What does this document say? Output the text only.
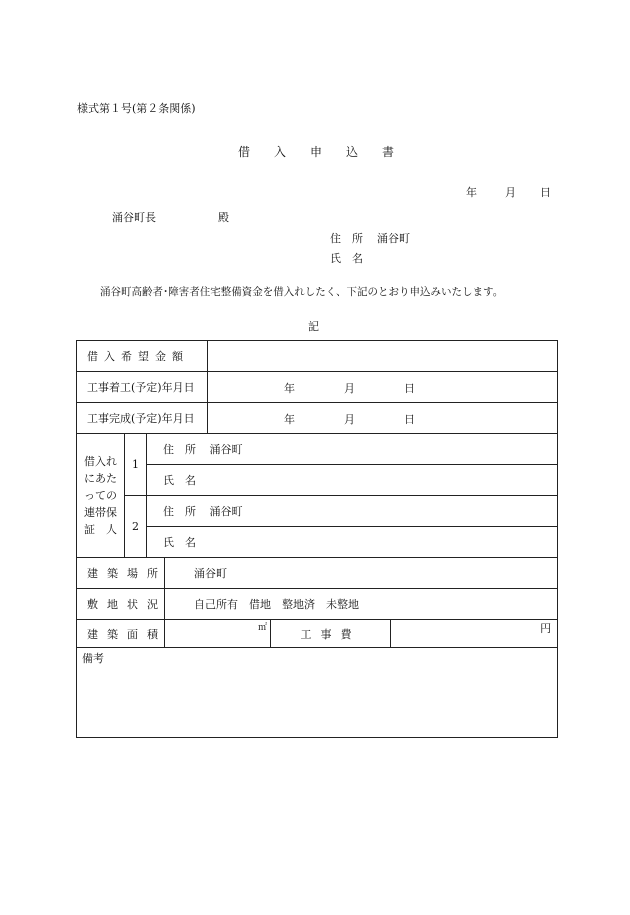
様式第１号(第２条関係)
借　入　申　込　書
年	月 日
涌谷町長	殿
住　所 涌谷町
氏　名
涌谷町高齢者･障害者住宅整備資金を借入れしたく、下記のとおり申込みいたします。
記
借入希望金額						
工事着工(予定)年月日				年 月 日		

工事完成(予定)年月日				年 月 日		

借入れ
にあた
っての
連帯保
証　人	1	住　所 涌谷町				
		氏　名				
	2	住　所 涌谷町				
		氏　名				
建築場所			涌谷町			
敷地状況			自己所有　借地　整地済　未整地			
建築面積			㎡		工事費	円

備考						
